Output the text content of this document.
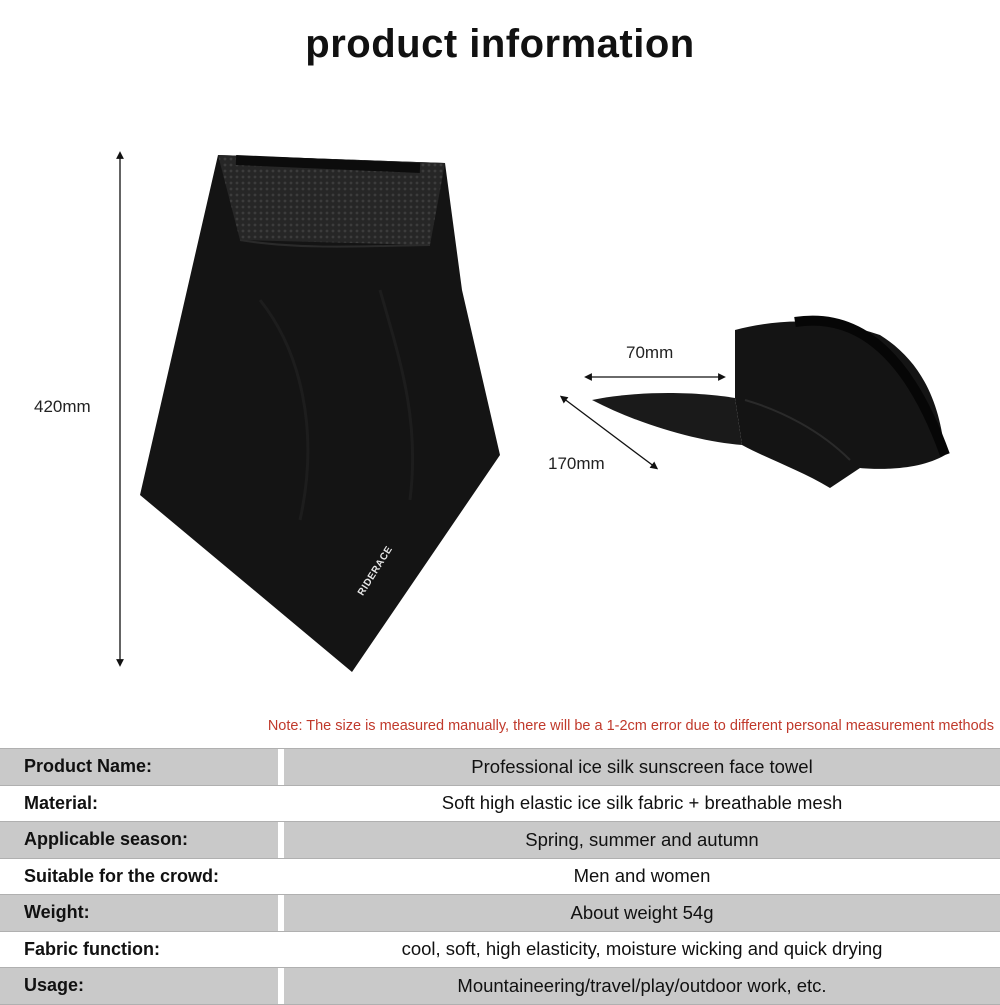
product information
420mm
70mm
170mm
RIDERACE
Note: The size is measured manually, there will be a 1-2cm error due to different personal measurement methods
Product Name:	Professional ice silk sunscreen face towel
Material:	Soft high elastic ice silk fabric + breathable mesh
Applicable season:	Spring, summer and autumn
Suitable for the crowd:	Men and women
Weight:	About weight 54g
Fabric function:	cool, soft, high elasticity, moisture wicking and quick drying
Usage:	Mountaineering/travel/play/outdoor work, etc.
